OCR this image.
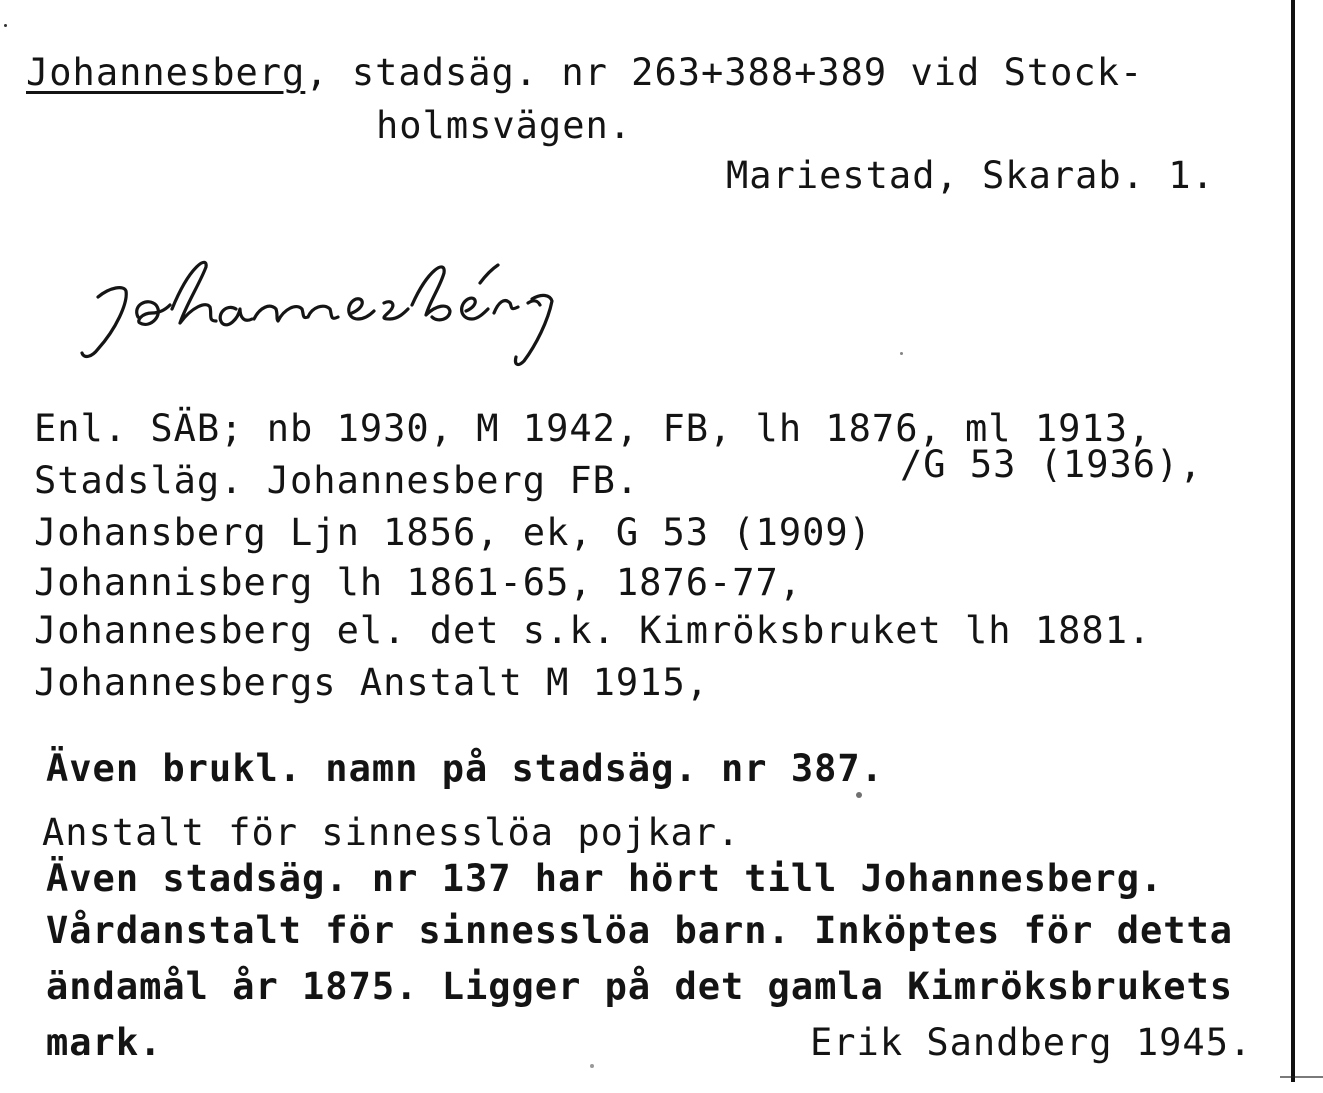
Johannesberg, stadsäg. nr 263+388+389 vid Stock-
holmsvägen.
Mariestad, Skarab. 1.
Enl. SÄB; nb 1930, M 1942, FB, lh 1876, ml 1913,
Stadsläg. Johannesberg FB.	/G 53 (1936),
Johansberg Ljn 1856, ek, G 53 (1909)
Johannisberg lh 1861-65, 1876-77,
Johannesberg el. det s.k. Kimröksbruket lh 1881.
Johannesbergs Anstalt M 1915,
Även brukl. namn på stadsäg. nr 387.
Anstalt för sinnesslöa pojkar.
Även stadsäg. nr 137 har hört till Johannesberg.
Vårdanstalt för sinnesslöa barn. Inköptes för detta
ändamål år 1875. Ligger på det gamla Kimröksbrukets
mark.	Erik Sandberg 1945.
